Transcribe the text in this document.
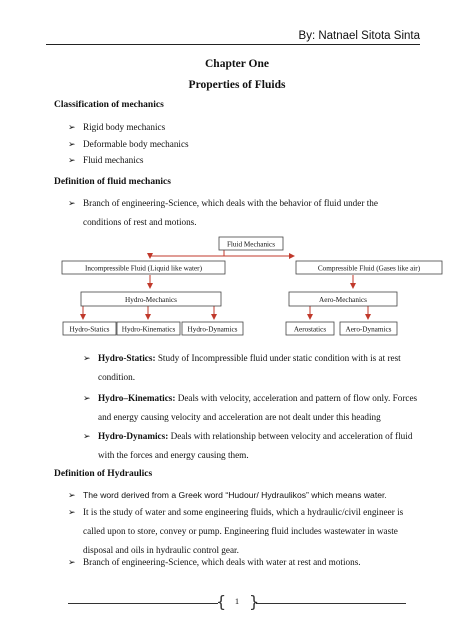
By: Natnael Sitota Sinta
Chapter One
Properties of Fluids
Classification of mechanics
➢ Rigid body mechanics
➢ Deformable body mechanics
➢ Fluid mechanics
Definition of fluid mechanics
➢ Branch of engineering-Science, which deals with the behavior of fluid under the
conditions of rest and motions.
Fluid Mechanics
Incompressible Fluid (Liquid like water)	Compressible Fluid (Gases like air)
Hydro-Mechanics	Aero-Mechanics
Hydro-Statics Hydro-Kinematics Hydro-Dynamics	Aerostatics	Aero-Dynamics
➢ Hydro-Statics: Study of Incompressible fluid under static condition with is at rest
condition.
➢ Hydro–Kinematics: Deals with velocity, acceleration and pattern of flow only. Forces
and energy causing velocity and acceleration are not dealt under this heading
➢ Hydro-Dynamics: Deals with relationship between velocity and acceleration of fluid
with the forces and energy causing them.
Definition of Hydraulics
➢ The word derived from a Greek word “Hudour/ Hydraulikos” which means water.
➢ It is the study of water and some engineering fluids, which a hydraulic/civil engineer is
called upon to store, convey or pump. Engineering fluid includes wastewater in waste
disposal and oils in hydraulic control gear.
➢ Branch of engineering-Science, which deals with water at rest and motions.
{	1 }
